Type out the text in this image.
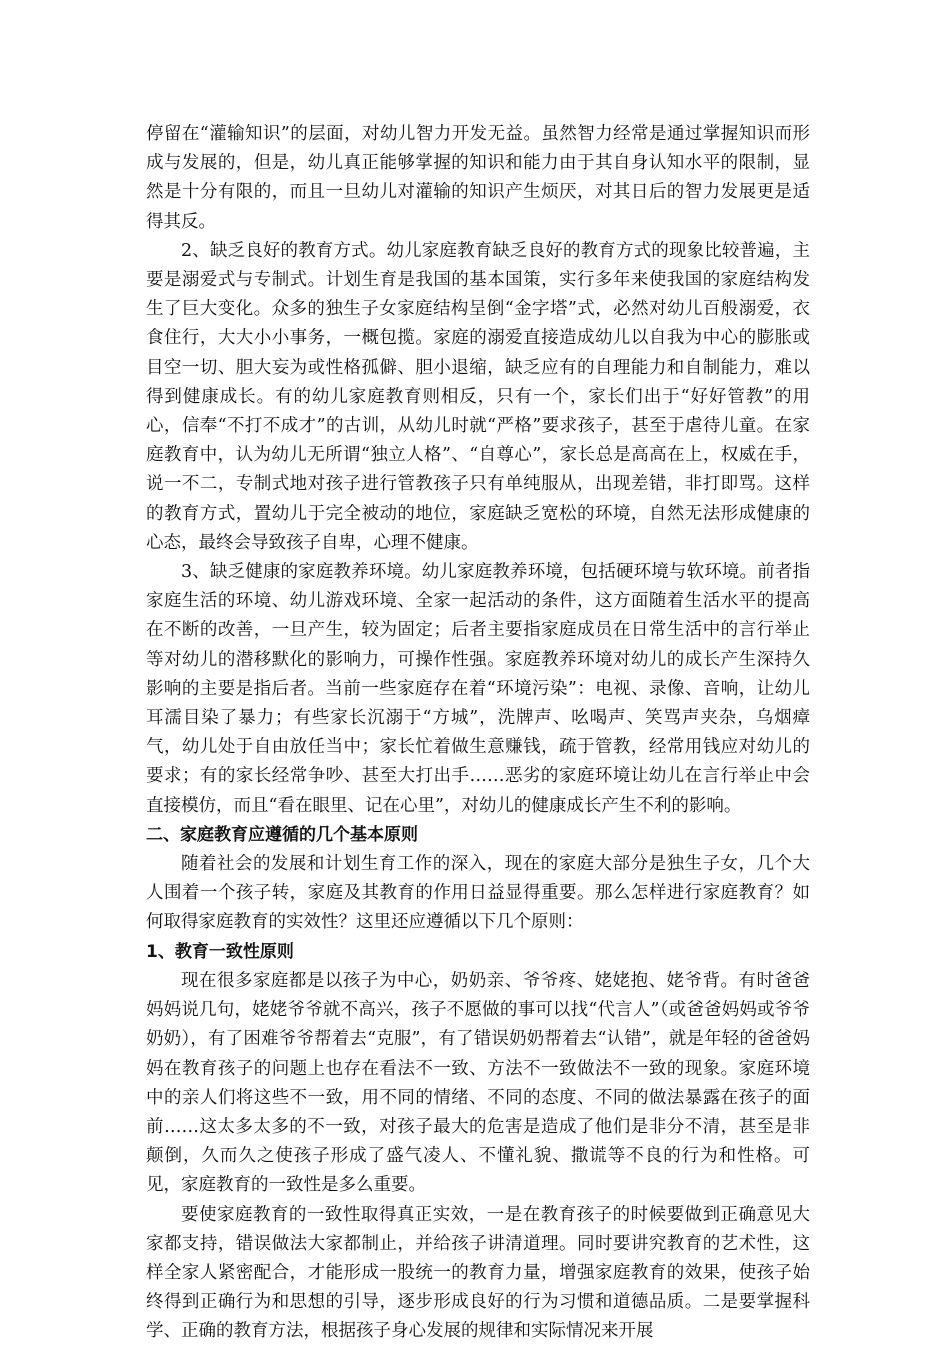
停留在“灌输知识”的层面，对幼儿智力开发无益。虽然智力经常是通过掌握知识而形成与发展的，但是，幼儿真正能够掌握的知识和能力由于其自身认知水平的限制，显然是十分有限的，而且一旦幼儿对灌输的知识产生烦厌，对其日后的智力发展更是适得其反。

2、缺乏良好的教育方式。幼儿家庭教育缺乏良好的教育方式的现象比较普遍，主要是溺爱式与专制式。计划生育是我国的基本国策，实行多年来使我国的家庭结构发生了巨大变化。众多的独生子女家庭结构呈倒“金字塔”式，必然对幼儿百般溺爱，衣食住行，大大小小事务，一概包揽。家庭的溺爱直接造成幼儿以自我为中心的膨胀或目空一切、胆大妄为或性格孤僻、胆小退缩，缺乏应有的自理能力和自制能力，难以得到健康成长。有的幼儿家庭教育则相反，只有一个，家长们出于“好好管教”的用心，信奉“不打不成才”的古训，从幼儿时就“严格”要求孩子，甚至于虐待儿童。在家庭教育中，认为幼儿无所谓“独立人格”、“自尊心”，家长总是高高在上，权威在手，说一不二，专制式地对孩子进行管教孩子只有单纯服从，出现差错，非打即骂。这样的教育方式，置幼儿于完全被动的地位，家庭缺乏宽松的环境，自然无法形成健康的心态，最终会导致孩子自卑，心理不健康。

3、缺乏健康的家庭教养环境。幼儿家庭教养环境，包括硬环境与软环境。前者指家庭生活的环境、幼儿游戏环境、全家一起活动的条件，这方面随着生活水平的提高在不断的改善，一旦产生，较为固定；后者主要指家庭成员在日常生活中的言行举止等对幼儿的潜移默化的影响力，可操作性强。家庭教养环境对幼儿的成长产生深持久影响的主要是指后者。当前一些家庭存在着“环境污染”：电视、录像、音响，让幼儿耳濡目染了暴力；有些家长沉溺于“方城”，洗牌声、吆喝声、笑骂声夹杂，乌烟瘴气，幼儿处于自由放任当中；家长忙着做生意赚钱，疏于管教，经常用钱应对幼儿的要求；有的家长经常争吵、甚至大打出手……恶劣的家庭环境让幼儿在言行举止中会直接模仿，而且“看在眼里、记在心里”，对幼儿的健康成长产生不利的影响。

二、家庭教育应遵循的几个基本原则

随着社会的发展和计划生育工作的深入，现在的家庭大部分是独生子女，几个大人围着一个孩子转，家庭及其教育的作用日益显得重要。那么怎样进行家庭教育？如何取得家庭教育的实效性？这里还应遵循以下几个原则：

1、教育一致性原则

现在很多家庭都是以孩子为中心，奶奶亲、爷爷疼、姥姥抱、姥爷背。有时爸爸妈妈说几句，姥姥爷爷就不高兴，孩子不愿做的事可以找“代言人”（或爸爸妈妈或爷爷奶奶），有了困难爷爷帮着去“克服”，有了错误奶奶帮着去“认错”，就是年轻的爸爸妈妈在教育孩子的问题上也存在看法不一致、方法不一致做法不一致的现象。家庭环境中的亲人们将这些不一致，用不同的情绪、不同的态度、不同的做法暴露在孩子的面前……这太多太多的不一致，对孩子最大的危害是造成了他们是非分不清，甚至是非颠倒，久而久之使孩子形成了盛气凌人、不懂礼貌、撒谎等不良的行为和性格。可见，家庭教育的一致性是多么重要。

要使家庭教育的一致性取得真正实效，一是在教育孩子的时候要做到正确意见大家都支持，错误做法大家都制止，并给孩子讲清道理。同时要讲究教育的艺术性，这样全家人紧密配合，才能形成一股统一的教育力量，增强家庭教育的效果，使孩子始终得到正确行为和思想的引导，逐步形成良好的行为习惯和道德品质。二是要掌握科学、正确的教育方法，根据孩子身心发展的规律和实际情况来开展
